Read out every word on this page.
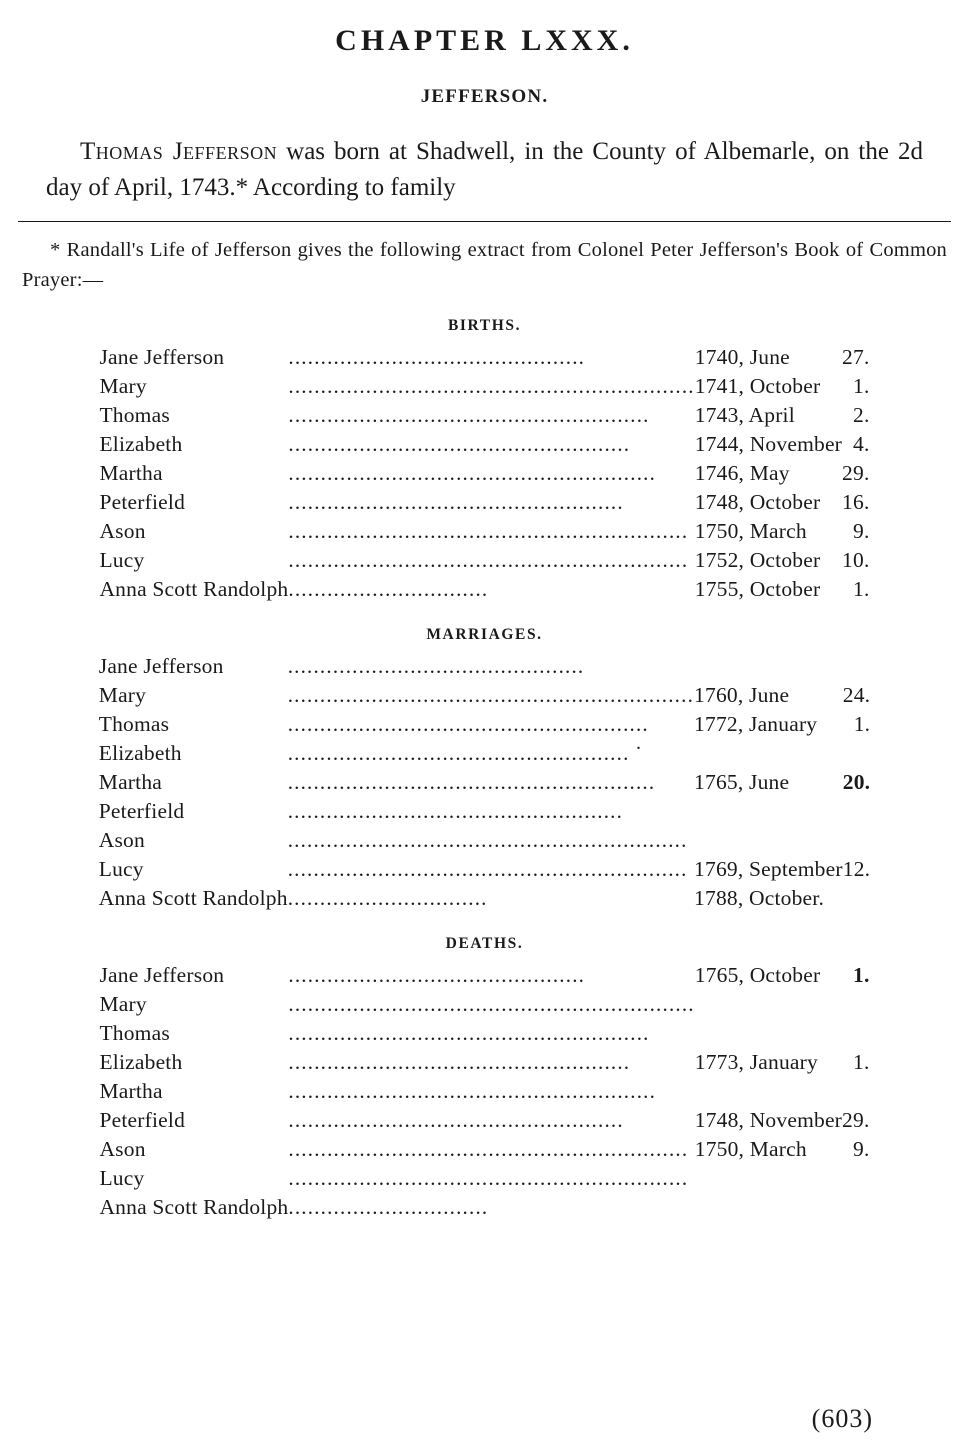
CHAPTER LXXX.
JEFFERSON.

Thomas Jefferson was born at Shadwell, in the County of Albemarle, on the 2d day of April, 1743.* According to family

* Randall's Life of Jefferson gives the following extract from Colonel Peter Jefferson's Book of Common Prayer:—

BIRTHS.
Jane Jefferson	..............................................	1740, June	27.
Mary	...............................................................	1741, October	1.
Thomas	........................................................	1743, April	2.
Elizabeth	.....................................................	1744, November	4.
Martha	.........................................................	1746, May	29.
Peterfield	....................................................	1748, October	16.
Ason	..............................................................	1750, March	9.
Lucy	..............................................................	1752, October	10.
Anna Scott Randolph	...............................	1755, October	1.
MARRIAGES.
Jane Jefferson	..............................................		

Mary	...............................................................	1760, June	24.
Thomas	........................................................	1772, January	1.
Elizabeth	.....................................................		

Martha	.........................................................	1765, June	20.
Peterfield	....................................................		

Ason	..............................................................		

Lucy	..............................................................	1769, September	12.
Anna Scott Randolph	...............................	1788, October.	
DEATHS.
Jane Jefferson	..............................................	1765, October	1.
Mary	...............................................................		

Thomas	........................................................		

Elizabeth	.....................................................	1773, January	1.
Martha	.........................................................		

Peterfield	....................................................	1748, November	29.
Ason	..............................................................	1750, March	9.
Lucy	..............................................................		

Anna Scott Randolph	...............................		

.
(603)
